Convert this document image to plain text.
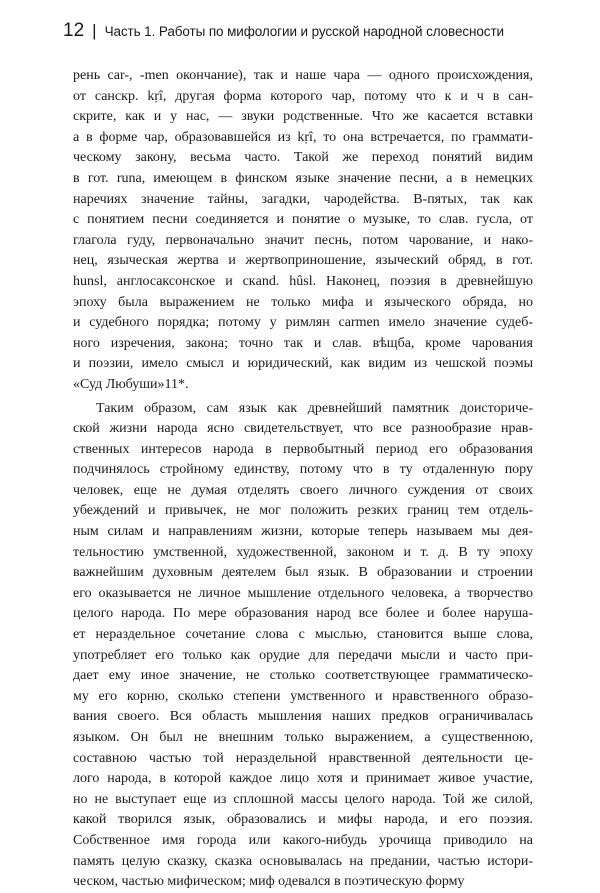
12 | Часть 1. Работы по мифологии и русской народной словесности
рень car-, -men окончание), так и наше чара — одного происхождения,
от санскр. kṛî, другая форма которого чар, потому что к и ч в сан-
скрите, как и у нас, — звуки родственные. Что же касается вставки
а в форме чар, образовавшейся из kṛî, то она встречается, по граммати-
ческому закону, весьма часто. Такой же переход понятий видим
в гот. runa, имеющем в финском языке значение песни, а в немецких
наречиях значение тайны, загадки, чародейства. В-пятых, так как
с понятием песни соединяется и понятие о музыке, то слав. гусла, от
глагола гуду, первоначально значит песнь, потом чарование, и нако-
нец, языческая жертва и жертвоприношение, языческий обряд, в гот.
hunsl, англосаксонское и скand. hûsl. Наконец, поэзия в древнейшую
эпоху была выражением не только мифа и языческого обряда, но
и судебного порядка; потому у римлян carmen имело значение судеб-
ного изречения, закона; точно так и слав. вѣщба, кроме чарования
и поэзии, имело смысл и юридический, как видим из чешской поэмы
«Суд Любуши»11*.
Таким образом, сам язык как древнейший памятник доисториче-
ской жизни народа ясно свидетельствует, что все разнообразие нрав-
ственных интересов народа в первобытный период его образования
подчинялось стройному единству, потому что в ту отдаленную пору
человек, еще не думая отделять своего личного суждения от своих
убеждений и привычек, не мог положить резких границ тем отдель-
ным силам и направлениям жизни, которые теперь называем мы дея-
тельностию умственной, художественной, законом и т. д. В ту эпоху
важнейшим духовным деятелем был язык. В образовании и строении
его оказывается не личное мышление отдельного человека, а творчество
целого народа. По мере образования народ все более и более наруша-
ет нераздельное сочетание слова с мыслью, становится выше слова,
употребляет его только как орудие для передачи мысли и часто при-
дает ему иное значение, не столько соответствующее грамматическо-
му его корню, сколько степени умственного и нравственного образо-
вания своего. Вся область мышления наших предков ограничивалась
языком. Он был не внешним только выражением, а существенною,
составною частью той нераздельной нравственной деятельности це-
лого народа, в которой каждое лицо хотя и принимает живое участие,
но не выступает еще из сплошной массы целого народа. Той же силой,
какой творился язык, образовались и мифы народа, и его поэзия.
Собственное имя города или какого-нибудь урочища приводило на
память целую сказку, сказка основывалась на предании, частью истори-
ческом, частью мифическом; миф одевался в поэтическую форму
